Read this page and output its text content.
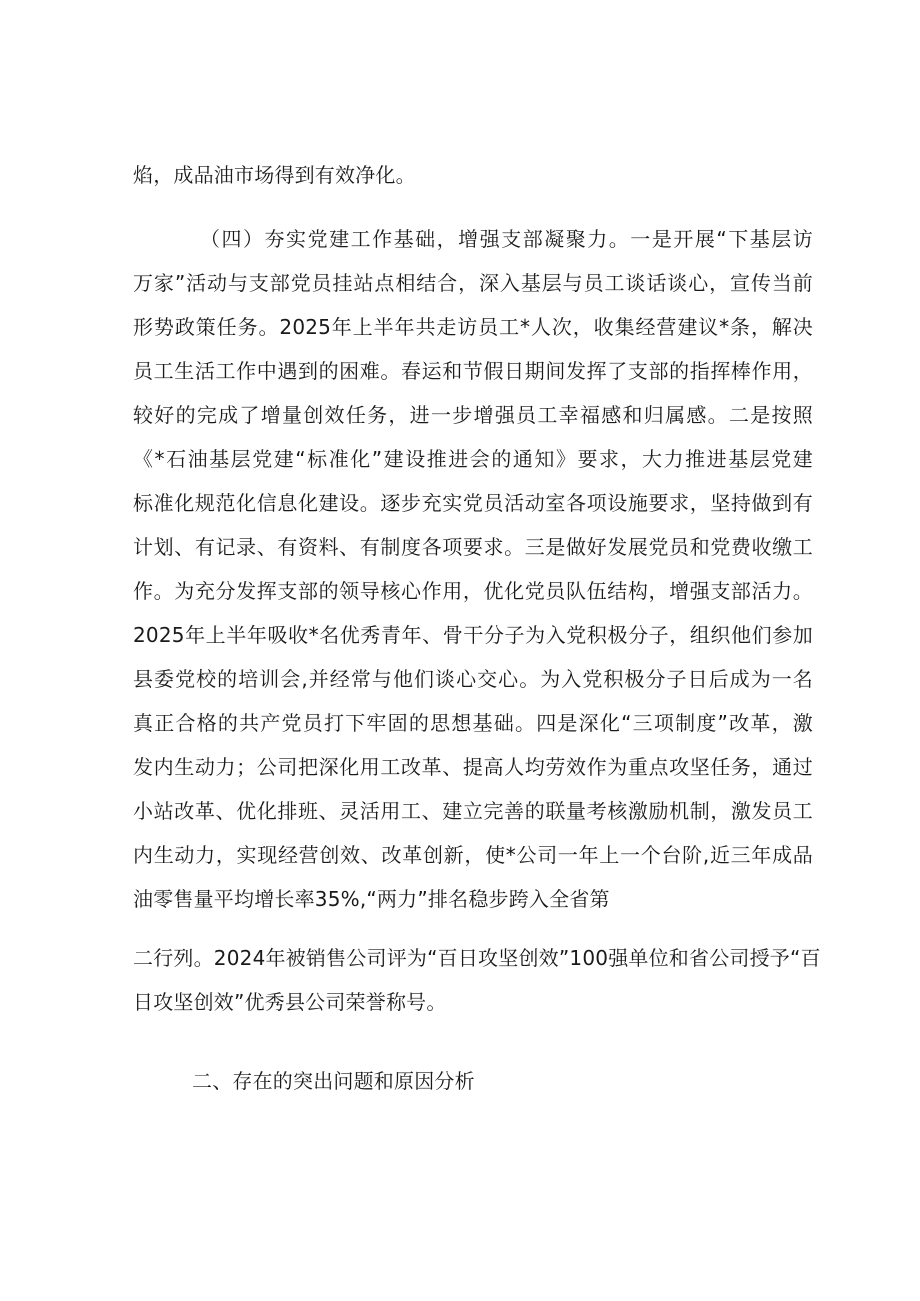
焰，成品油市场得到有效净化。
（四）夯实党建工作基础，增强支部凝聚力。一是开展“下基层访
万家”活动与支部党员挂站点相结合，深入基层与员工谈话谈心，宣传当前
形势政策任务。2025年上半年共走访员工*人次，收集经营建议*条，解决
员工生活工作中遇到的困难。春运和节假日期间发挥了支部的指挥棒作用，
较好的完成了增量创效任务，进一步增强员工幸福感和归属感。二是按照
《*石油基层党建“标准化”建设推进会的通知》要求，大力推进基层党建
标准化规范化信息化建设。逐步充实党员活动室各项设施要求，坚持做到有
计划、有记录、有资料、有制度各项要求。三是做好发展党员和党费收缴工
作。为充分发挥支部的领导核心作用，优化党员队伍结构，增强支部活力。
2025年上半年吸收*名优秀青年、骨干分子为入党积极分子，组织他们参加
县委党校的培训会,并经常与他们谈心交心。为入党积极分子日后成为一名
真正合格的共产党员打下牢固的思想基础。四是深化“三项制度”改革，激
发内生动力；公司把深化用工改革、提高人均劳效作为重点攻坚任务，通过
小站改革、优化排班、灵活用工、建立完善的联量考核激励机制，激发员工
内生动力，实现经营创效、改革创新，使*公司一年上一个台阶,近三年成品
油零售量平均增长率35%,“两力”排名稳步跨入全省第
二行列。2024年被销售公司评为“百日攻坚创效”100强单位和省公司授予“百
日攻坚创效”优秀县公司荣誉称号。
二、存在的突出问题和原因分析
